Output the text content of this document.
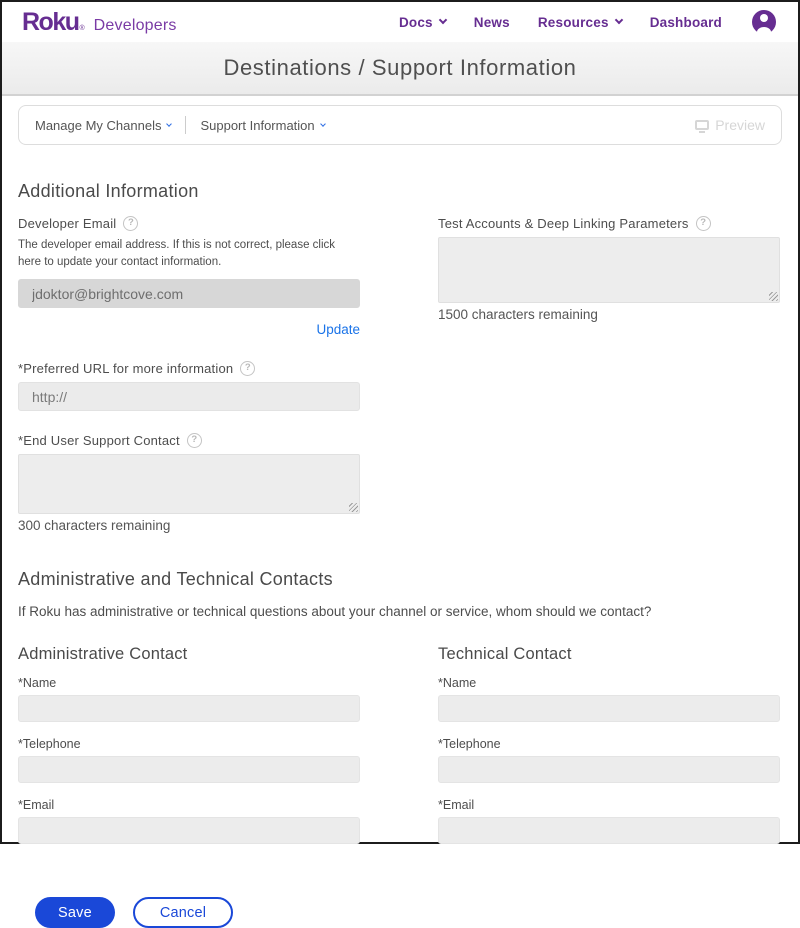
Roku$_®$ Developers	Docs	News Resources	Dashboard
Destinations / Support Information
Manage My Channels	Support Information	Preview
Additional Information
Developer Email	?

The developer email address. If this is not correct, please click here to update your contact information.

jdoktor@brightcove.com
Update
*Preferred URL for more information	?
http://
*End User Support Contact	?
300 characters remaining
Test Accounts & Deep Linking Parameters	?
1500 characters remaining
Administrative and Technical Contacts

If Roku has administrative or technical questions about your channel or service, whom should we contact?

Administrative Contact
*Name
*Telephone
*Email
Technical Contact
*Name
*Telephone
*Email
Save	Cancel
